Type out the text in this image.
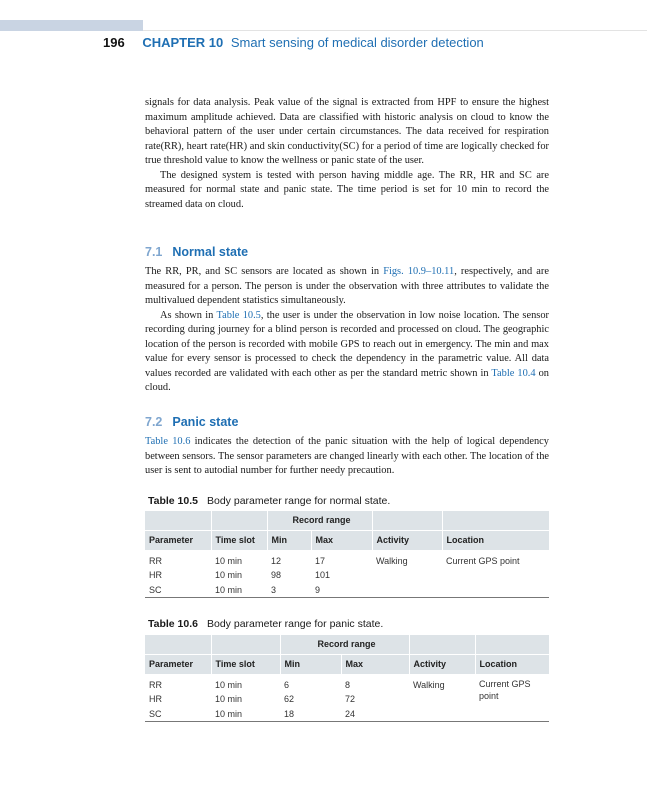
196 CHAPTER 10 Smart sensing of medical disorder detection

signals for data analysis. Peak value of the signal is extracted from HPF to ensure the highest maximum amplitude achieved. Data are classified with historic analysis on cloud to know the behavioral pattern of the user under certain circumstances. The data received for respiration rate(RR), heart rate(HR) and skin conductivity(SC) for a period of time are logically checked for true threshold value to know the wellness or panic state of the user.

The designed system is tested with person having middle age. The RR, HR and SC are measured for normal state and panic state. The time period is set for 10 min to record the streamed data on cloud.

7.1 Normal state

The RR, PR, and SC sensors are located as shown in Figs. 10.9–10.11, respectively, and are measured for a person. The person is under the observation with three attributes to validate the multivalued dependent statistics simultaneously.

As shown in Table 10.5, the user is under the observation in low noise location. The sensor recording during journey for a blind person is recorded and processed on cloud. The geographic location of the person is recorded with mobile GPS to reach out in emergency. The min and max value for every sensor is processed to check the dependency in the parametric value. All data values recorded are validated with each other as per the standard metric shown in Table 10.4 on cloud.

7.2 Panic state

Table 10.6 indicates the detection of the panic situation with the help of logical dependency between sensors. The sensor parameters are changed linearly with each other. The location of the user is sent to autodial number for further needy precaution.

Table 10.5 Body parameter range for normal state.
		Record range			
Parameter	Time slot	Min	Max	Activity	Location
RR	10 min	12	17	Walking	Current GPS point
HR	10 min	98	101		
SC	10 min	3	9		
Table 10.6 Body parameter range for panic state.
		Record range			
Parameter	Time slot	Min	Max	Activity	Location
RR	10 min	6	8	Walking	Current GPS point
HR	10 min	62	72		
SC	10 min	18	24		
